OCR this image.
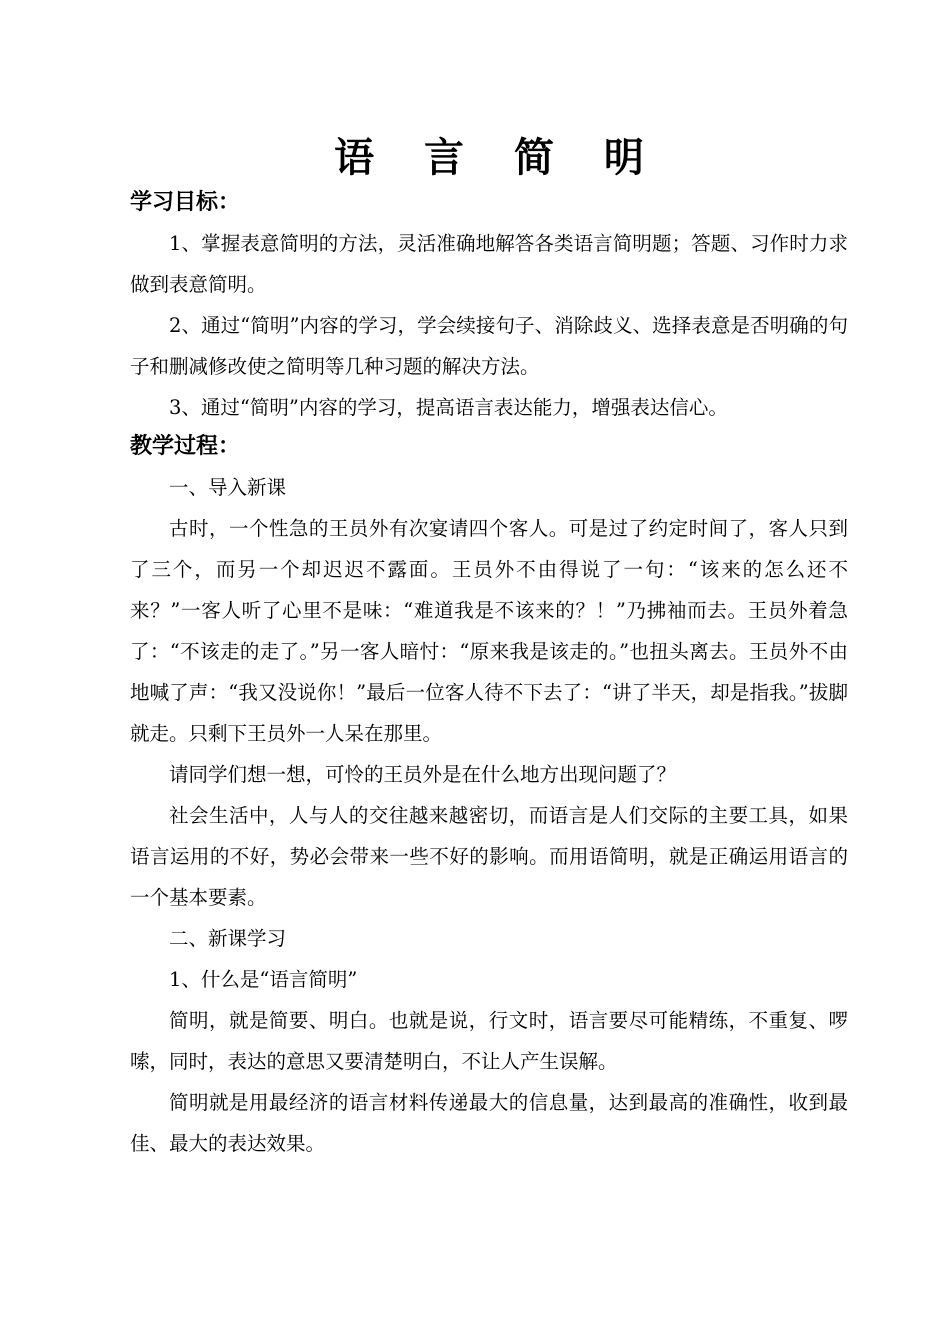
语 言 简 明
学习目标：

1、掌握表意简明的方法，灵活准确地解答各类语言简明题；答题、习作时力求做到表意简明。

2、通过“简明”内容的学习，学会续接句子、消除歧义、选择表意是否明确的句子和删减修改使之简明等几种习题的解决方法。

3、通过“简明”内容的学习，提高语言表达能力，增强表达信心。

教学过程：

一、导入新课

古时，一个性急的王员外有次宴请四个客人。可是过了约定时间了，客人只到了三个，而另一个却迟迟不露面。王员外不由得说了一句：“该来的怎么还不来？”一客人听了心里不是味：“难道我是不该来的？！”乃拂袖而去。王员外着急了：“不该走的走了。”另一客人暗忖：“原来我是该走的。”也扭头离去。王员外不由地喊了声：“我又没说你！”最后一位客人待不下去了：“讲了半天，却是指我。”拔脚就走。只剩下王员外一人呆在那里。

请同学们想一想，可怜的王员外是在什么地方出现问题了？

社会生活中，人与人的交往越来越密切，而语言是人们交际的主要工具，如果语言运用的不好，势必会带来一些不好的影响。而用语简明，就是正确运用语言的一个基本要素。

二、新课学习

1、什么是“语言简明”

简明，就是简要、明白。也就是说，行文时，语言要尽可能精练，不重复、啰嗦，同时，表达的意思又要清楚明白，不让人产生误解。

简明就是用最经济的语言材料传递最大的信息量，达到最高的准确性，收到最佳、最大的表达效果。
